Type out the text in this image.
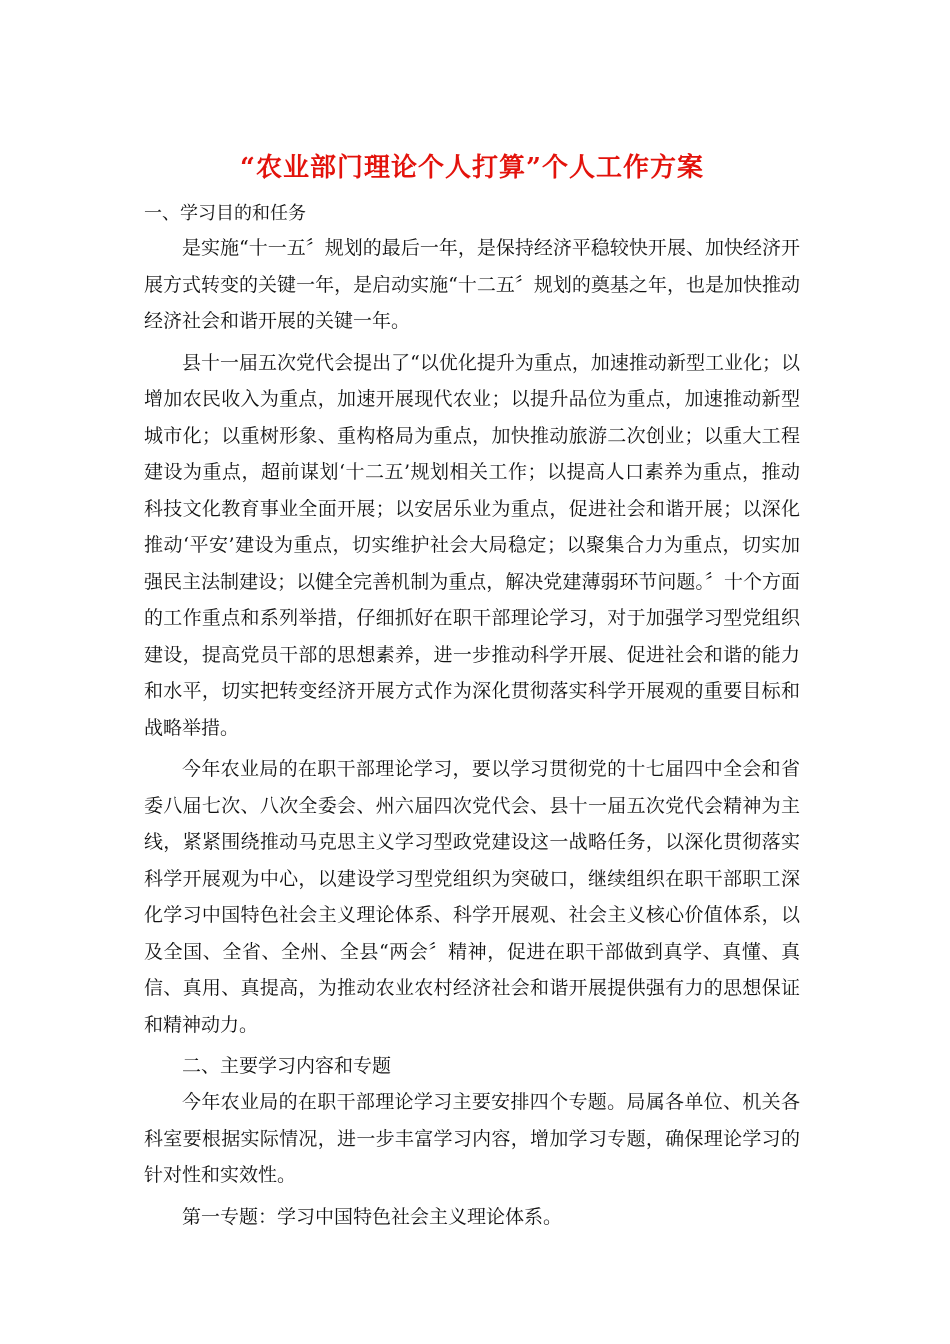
“农业部门理论个人打算”个人工作方案

一、学习目的和任务

是实施“十一五〞规划的最后一年，是保持经济平稳较快开展、加快经济开展方式转变的关键一年，是启动实施“十二五〞规划的奠基之年，也是加快推动经济社会和谐开展的关键一年。

县十一届五次党代会提出了“以优化提升为重点，加速推动新型工业化；以增加农民收入为重点，加速开展现代农业；以提升品位为重点，加速推动新型城市化；以重树形象、重构格局为重点，加快推动旅游二次创业；以重大工程建设为重点，超前谋划‘十二五’规划相关工作；以提高人口素养为重点，推动科技文化教育事业全面开展；以安居乐业为重点，促进社会和谐开展；以深化推动‘平安’建设为重点，切实维护社会大局稳定；以聚集合力为重点，切实加强民主法制建设；以健全完善机制为重点，解决党建薄弱环节问题。〞十个方面的工作重点和系列举措，仔细抓好在职干部理论学习，对于加强学习型党组织建设，提高党员干部的思想素养，进一步推动科学开展、促进社会和谐的能力和水平，切实把转变经济开展方式作为深化贯彻落实科学开展观的重要目标和战略举措。

今年农业局的在职干部理论学习，要以学习贯彻党的十七届四中全会和省委八届七次、八次全委会、州六届四次党代会、县十一届五次党代会精神为主线，紧紧围绕推动马克思主义学习型政党建设这一战略任务，以深化贯彻落实科学开展观为中心，以建设学习型党组织为突破口，继续组织在职干部职工深化学习中国特色社会主义理论体系、科学开展观、社会主义核心价值体系，以及全国、全省、全州、全县“两会〞精神，促进在职干部做到真学、真懂、真信、真用、真提高，为推动农业农村经济社会和谐开展提供强有力的思想保证和精神动力。

二、主要学习内容和专题

今年农业局的在职干部理论学习主要安排四个专题。局属各单位、机关各科室要根据实际情况，进一步丰富学习内容，增加学习专题，确保理论学习的针对性和实效性。

第一专题：学习中国特色社会主义理论体系。
